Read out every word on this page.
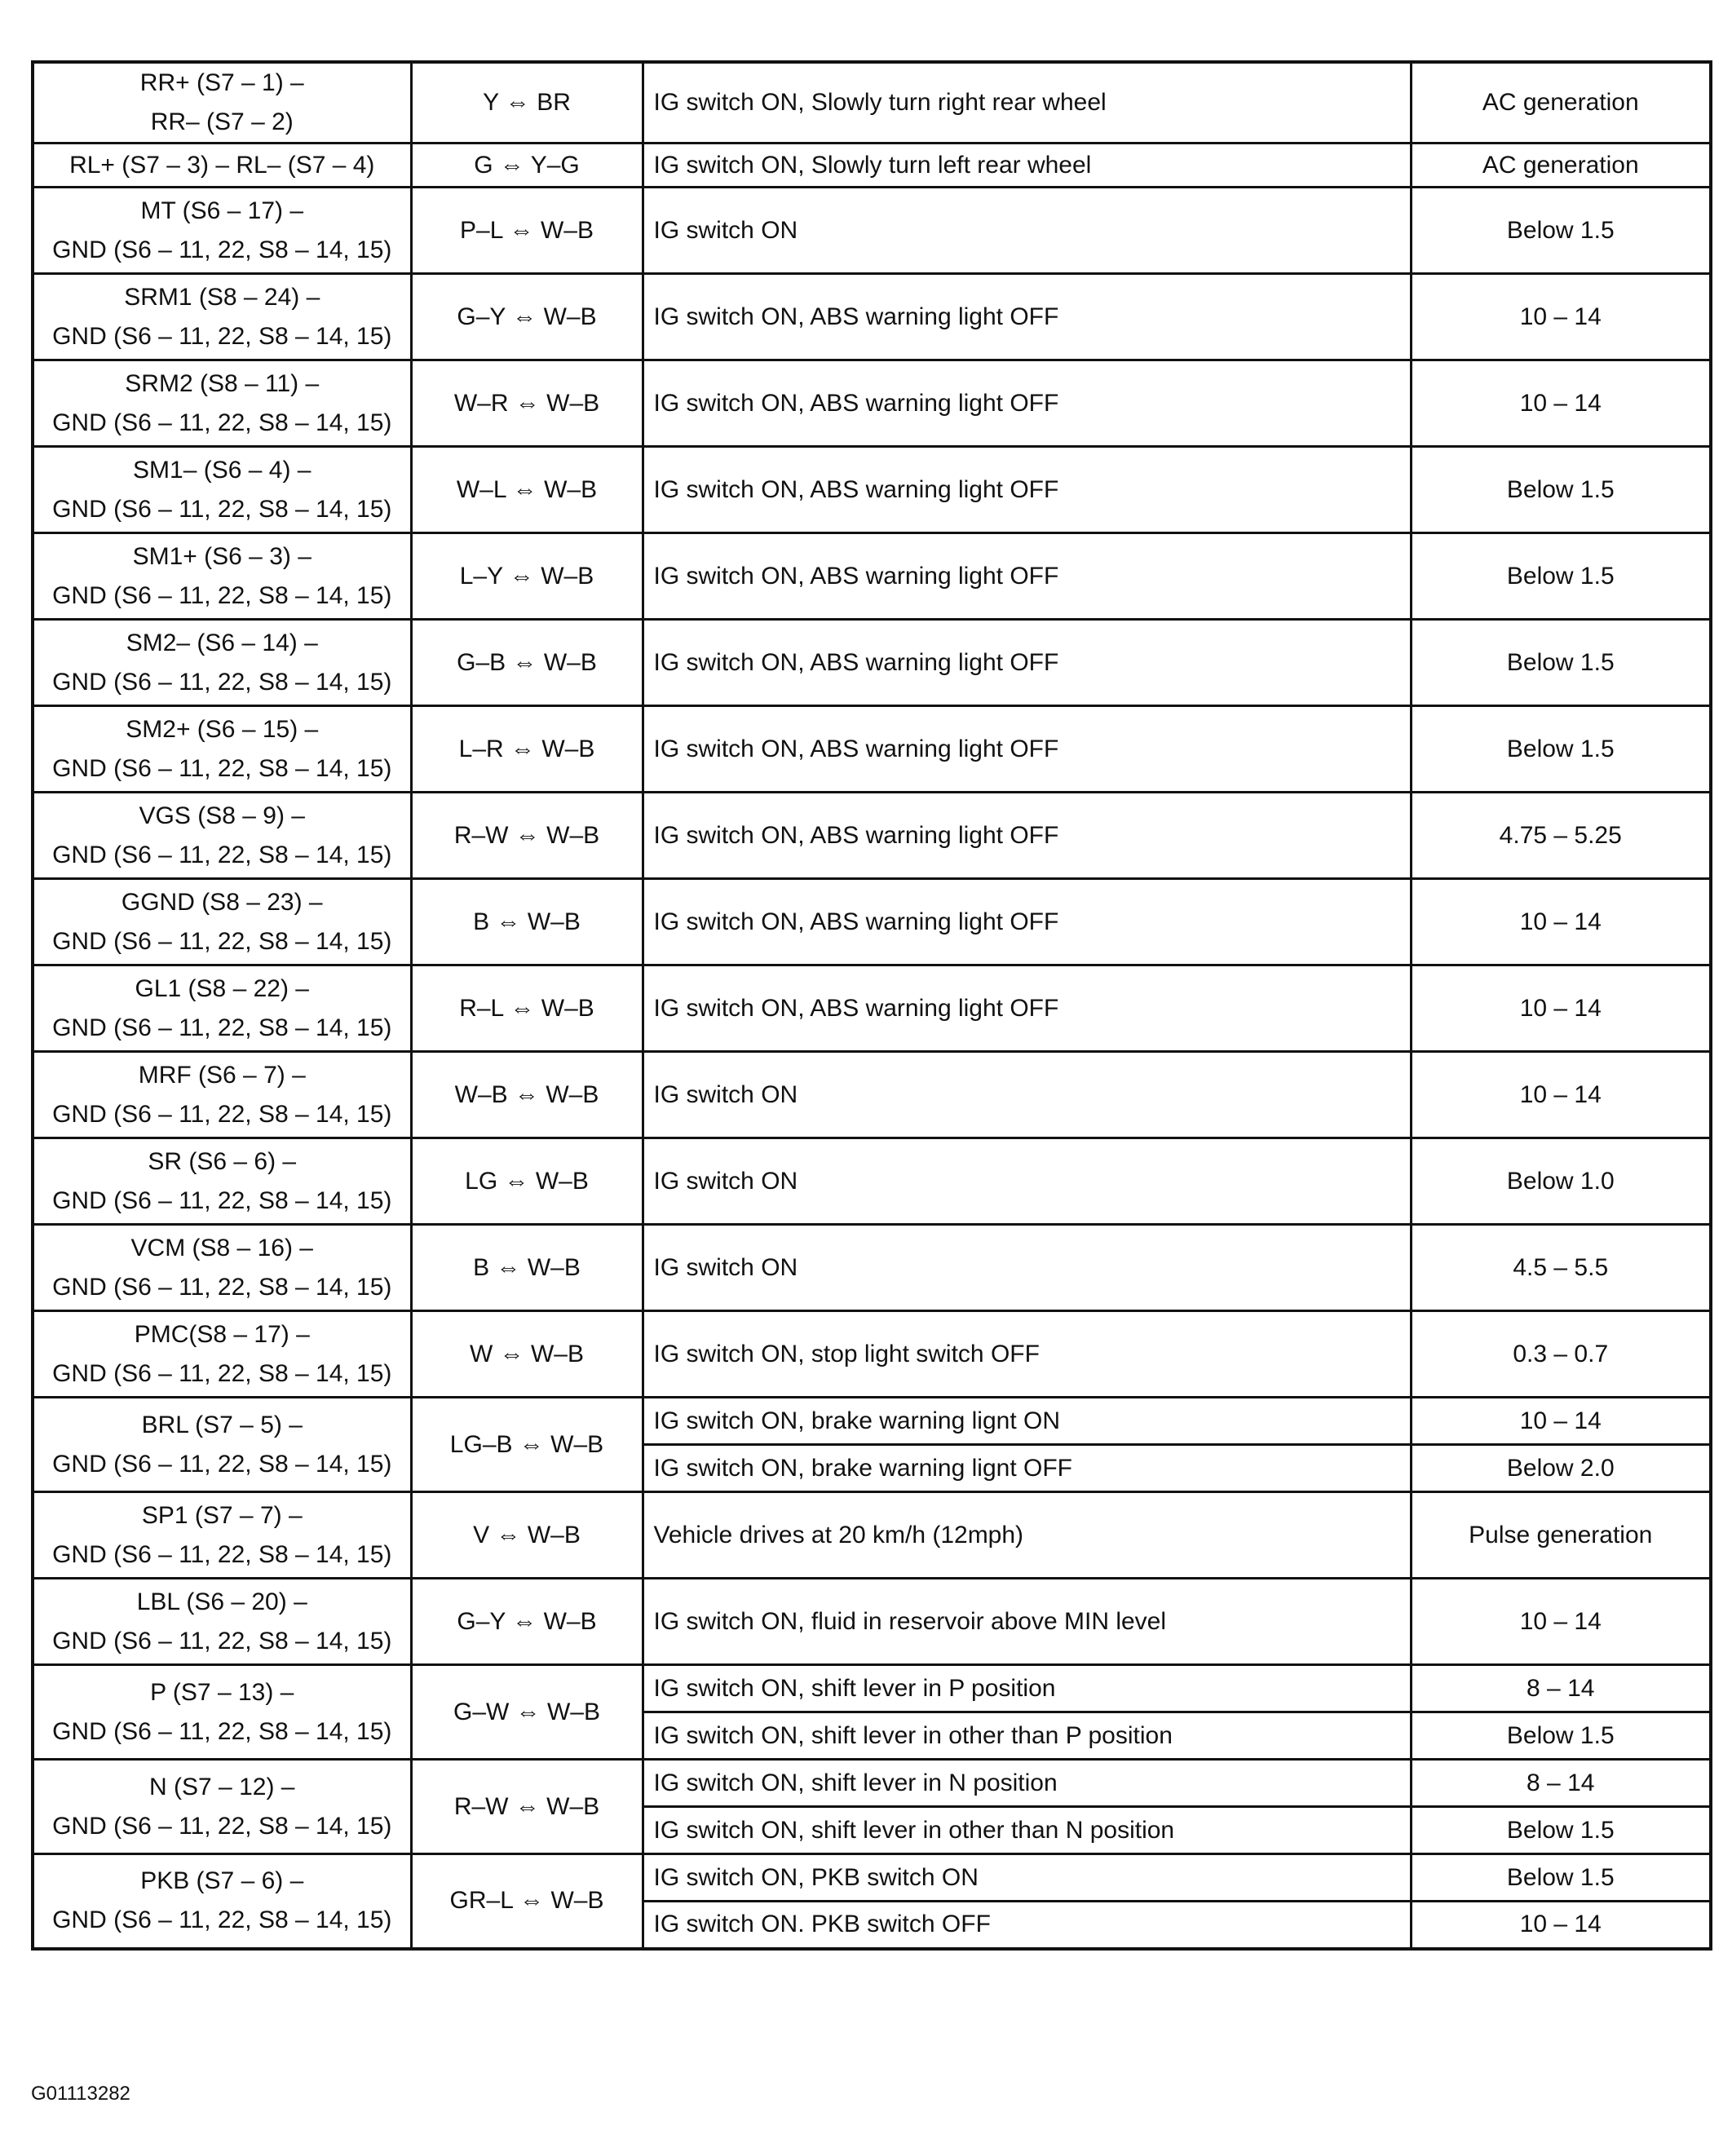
RR+ (S7 – 1) –
RR– (S7 – 2)	Y ⇔ BR	IG switch ON, Slowly turn right rear wheel	AC generation

RL+ (S7 – 3) – RL– (S7 – 4)	G ⇔ Y–G	IG switch ON, Slowly turn left rear wheel	AC generation

MT (S6 – 17) –
GND (S6 – 11, 22, S8 – 14, 15)	P–L ⇔ W–B	IG switch ON	Below 1.5

SRM1 (S8 – 24) –
GND (S6 – 11, 22, S8 – 14, 15)	G–Y ⇔ W–B	IG switch ON, ABS warning light OFF	10 – 14

SRM2 (S8 – 11) –
GND (S6 – 11, 22, S8 – 14, 15)	W–R ⇔ W–B	IG switch ON, ABS warning light OFF	10 – 14

SM1– (S6 – 4) –
GND (S6 – 11, 22, S8 – 14, 15)	W–L ⇔ W–B	IG switch ON, ABS warning light OFF	Below 1.5

SM1+ (S6 – 3) –
GND (S6 – 11, 22, S8 – 14, 15)	L–Y ⇔ W–B	IG switch ON, ABS warning light OFF	Below 1.5

SM2– (S6 – 14) –
GND (S6 – 11, 22, S8 – 14, 15)	G–B ⇔ W–B	IG switch ON, ABS warning light OFF	Below 1.5

SM2+ (S6 – 15) –
GND (S6 – 11, 22, S8 – 14, 15)	L–R ⇔ W–B	IG switch ON, ABS warning light OFF	Below 1.5

VGS (S8 – 9) –
GND (S6 – 11, 22, S8 – 14, 15)	R–W ⇔ W–B	IG switch ON, ABS warning light OFF	4.75 – 5.25

GGND (S8 – 23) –
GND (S6 – 11, 22, S8 – 14, 15)	B ⇔ W–B	IG switch ON, ABS warning light OFF	10 – 14

GL1 (S8 – 22) –
GND (S6 – 11, 22, S8 – 14, 15)	R–L ⇔ W–B	IG switch ON, ABS warning light OFF	10 – 14

MRF (S6 – 7) –
GND (S6 – 11, 22, S8 – 14, 15)	W–B ⇔ W–B	IG switch ON	10 – 14

SR (S6 – 6) –
GND (S6 – 11, 22, S8 – 14, 15)	LG ⇔ W–B	IG switch ON	Below 1.0

VCM (S8 – 16) –
GND (S6 – 11, 22, S8 – 14, 15)	B ⇔ W–B	IG switch ON	4.5 – 5.5

PMC(S8 – 17) –
GND (S6 – 11, 22, S8 – 14, 15)	W ⇔ W–B	IG switch ON, stop light switch OFF	0.3 – 0.7

BRL (S7 – 5) –
GND (S6 – 11, 22, S8 – 14, 15)	LG–B ⇔ W–B	IG switch ON, brake warning lignt ON	10 – 14
		IG switch ON, brake warning lignt OFF	Below 2.0

SP1 (S7 – 7) –
GND (S6 – 11, 22, S8 – 14, 15)	V ⇔ W–B	Vehicle drives at 20 km/h (12mph)	Pulse generation

LBL (S6 – 20) –
GND (S6 – 11, 22, S8 – 14, 15)	G–Y ⇔ W–B	IG switch ON, fluid in reservoir above MIN level	10 – 14

P (S7 – 13) –
GND (S6 – 11, 22, S8 – 14, 15)	G–W ⇔ W–B	IG switch ON, shift lever in P position	8 – 14
		IG switch ON, shift lever in other than P position	Below 1.5

N (S7 – 12) –
GND (S6 – 11, 22, S8 – 14, 15)	R–W ⇔ W–B	IG switch ON, shift lever in N position	8 – 14
		IG switch ON, shift lever in other than N position	Below 1.5

PKB (S7 – 6) –
GND (S6 – 11, 22, S8 – 14, 15)	GR–L ⇔ W–B	IG switch ON, PKB switch ON	Below 1.5
		IG switch ON. PKB switch OFF	10 – 14
G01113282
